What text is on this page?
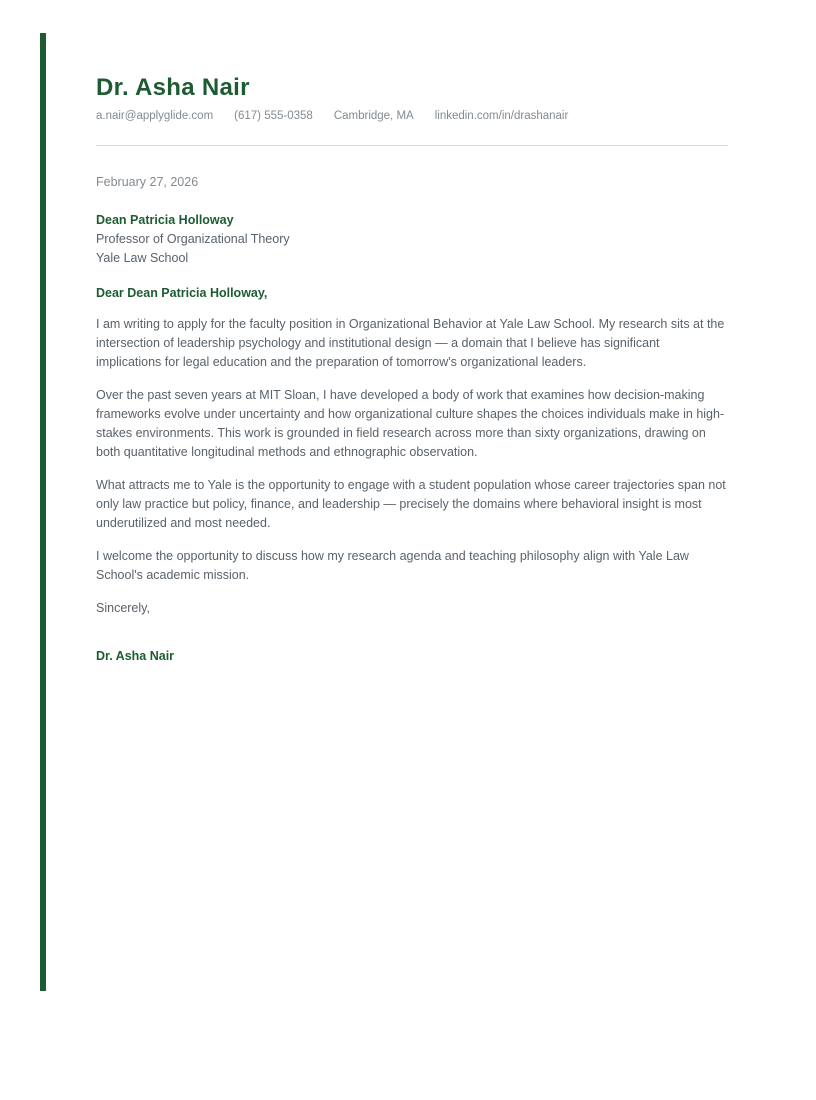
Dr. Asha Nair
a.nair@applyglide.com (617) 555-0358 Cambridge, MA linkedin.com/in/drashanair

February 27, 2026

Dean Patricia Holloway

Professor of Organizational Theory

Yale Law School

Dear Dean Patricia Holloway,

I am writing to apply for the faculty position in Organizational Behavior at Yale Law School. My research sits at the intersection of leadership psychology and institutional design — a domain that I believe has significant implications for legal education and the preparation of tomorrow's organizational leaders.

Over the past seven years at MIT Sloan, I have developed a body of work that examines how decision-making frameworks evolve under uncertainty and how organizational culture shapes the choices individuals make in high-stakes environments. This work is grounded in field research across more than sixty organizations, drawing on both quantitative longitudinal methods and ethnographic observation.

What attracts me to Yale is the opportunity to engage with a student population whose career trajectories span not only law practice but policy, finance, and leadership — precisely the domains where behavioral insight is most underutilized and most needed.

I welcome the opportunity to discuss how my research agenda and teaching philosophy align with Yale Law School's academic mission.

Sincerely,

Dr. Asha Nair
